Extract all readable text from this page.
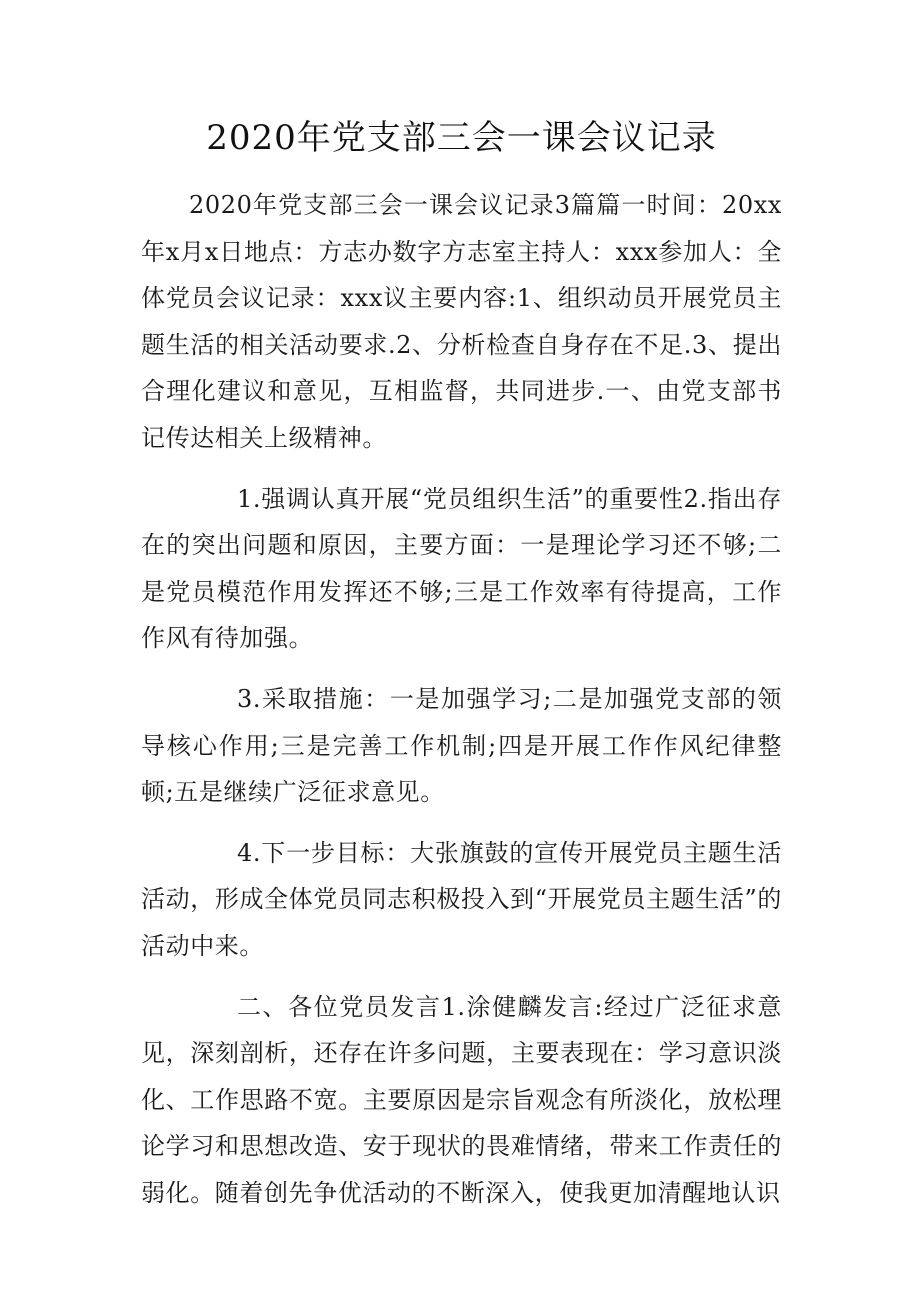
2020年党支部三会一课会议记录

2020年党支部三会一课会议记录3篇篇一时间：20xx年x月x日地点：方志办数字方志室主持人：xxx参加人：全体党员会议记录：xxx议主要内容:1、组织动员开展党员主题生活的相关活动要求.2、分析检查自身存在不足.3、提出合理化建议和意见，互相监督，共同进步.一、由党支部书记传达相关上级精神。

1.强调认真开展“党员组织生活”的重要性2.指出存在的突出问题和原因，主要方面：一是理论学习还不够;二是党员模范作用发挥还不够;三是工作效率有待提高，工作作风有待加强。

3.采取措施：一是加强学习;二是加强党支部的领导核心作用;三是完善工作机制;四是开展工作作风纪律整顿;五是继续广泛征求意见。

4.下一步目标：大张旗鼓的宣传开展党员主题生活活动，形成全体党员同志积极投入到“开展党员主题生活”的活动中来。

二、各位党员发言1.涂健麟发言:经过广泛征求意见，深刻剖析，还存在许多问题，主要表现在：学习意识淡化、工作思路不宽。主要原因是宗旨观念有所淡化，放松理论学习和思想改造、安于现状的畏难情绪，带来工作责任的弱化。随着创先争优活动的不断深入，使我更加清醒地认识
